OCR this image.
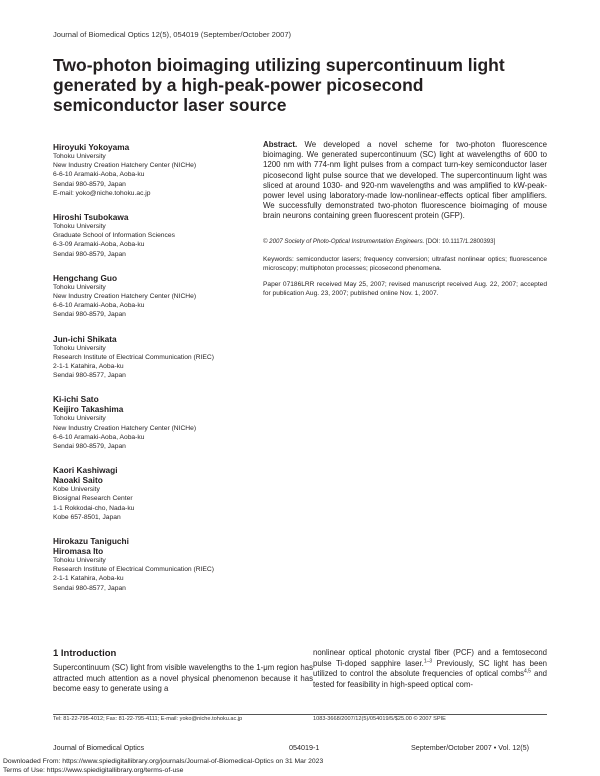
Journal of Biomedical Optics 12(5), 054019 (September/October 2007)
Two-photon bioimaging utilizing supercontinuum light generated by a high-peak-power picosecond semiconductor laser source
Hiroyuki Yokoyama
Tohoku University
New Industry Creation Hatchery Center (NICHe)
6-6-10 Aramaki-Aoba, Aoba-ku
Sendai 980-8579, Japan
E-mail: yoko@niche.tohoku.ac.jp
Hiroshi Tsubokawa
Tohoku University
Graduate School of Information Sciences
6-3-09 Aramaki-Aoba, Aoba-ku
Sendai 980-8579, Japan
Hengchang Guo
Tohoku University
New Industry Creation Hatchery Center (NICHe)
6-6-10 Aramaki-Aoba, Aoba-ku
Sendai 980-8579, Japan
Jun-ichi Shikata
Tohoku University
Research Institute of Electrical Communication (RIEC)
2-1-1 Katahira, Aoba-ku
Sendai 980-8577, Japan
Ki-ichi Sato
Keijiro Takashima
Tohoku University
New Industry Creation Hatchery Center (NICHe)
6-6-10 Aramaki-Aoba, Aoba-ku
Sendai 980-8579, Japan
Kaori Kashiwagi
Naoaki Saito
Kobe University
Biosignal Research Center
1-1 Rokkodai-cho, Nada-ku
Kobe 657-8501, Japan
Hirokazu Taniguchi
Hiromasa Ito
Tohoku University
Research Institute of Electrical Communication (RIEC)
2-1-1 Katahira, Aoba-ku
Sendai 980-8577, Japan

Abstract. We developed a novel scheme for two-photon fluorescence bioimaging. We generated supercontinuum (SC) light at wavelengths of 600 to 1200 nm with 774-nm light pulses from a compact turn-key semiconductor laser picosecond light pulse source that we developed. The supercontinuum light was sliced at around 1030- and 920-nm wavelengths and was amplified to kW-peak-power level using laboratory-made low-nonlinear-effects optical fiber amplifiers. We successfully demonstrated two-photon fluorescence bioimaging of mouse brain neurons containing green fluorescent protein (GFP).

© 2007 Society of Photo-Optical Instrumentation Engineers. [DOI: 10.1117/1.2800393]
Keywords: semiconductor lasers; frequency conversion; ultrafast nonlinear optics; fluorescence microscopy; multiphoton processes; picosecond phenomena.
Paper 07186LRR received May 25, 2007; revised manuscript received Aug. 22, 2007; accepted for publication Aug. 23, 2007; published online Nov. 1, 2007.
1 Introduction

Supercontinuum (SC) light from visible wavelengths to the 1-μm region has attracted much attention as a novel physical phenomenon because it has become easy to generate using a

nonlinear optical photonic crystal fiber (PCF) and a femtosecond pulse Ti-doped sapphire laser.$^{1-3}$ Previously, SC light has been utilized to control the absolute frequencies of optical combs$^{4,5}$ and tested for feasibility in high-speed optical com-

Tel: 81-22-795-4012; Fax: 81-22-795-4111; E-mail: yoko@niche.tohoku.ac.jp	1083-3668/2007/12(5)/054019/5/$25.00 © 2007 SPIE
Journal of Biomedical Optics	054019-1	September/October 2007 • Vol. 12(5)
Downloaded From: https://www.spiedigitallibrary.org/journals/Journal-of-Biomedical-Optics on 31 Mar 2023
Terms of Use: https://www.spiedigitallibrary.org/terms-of-use
